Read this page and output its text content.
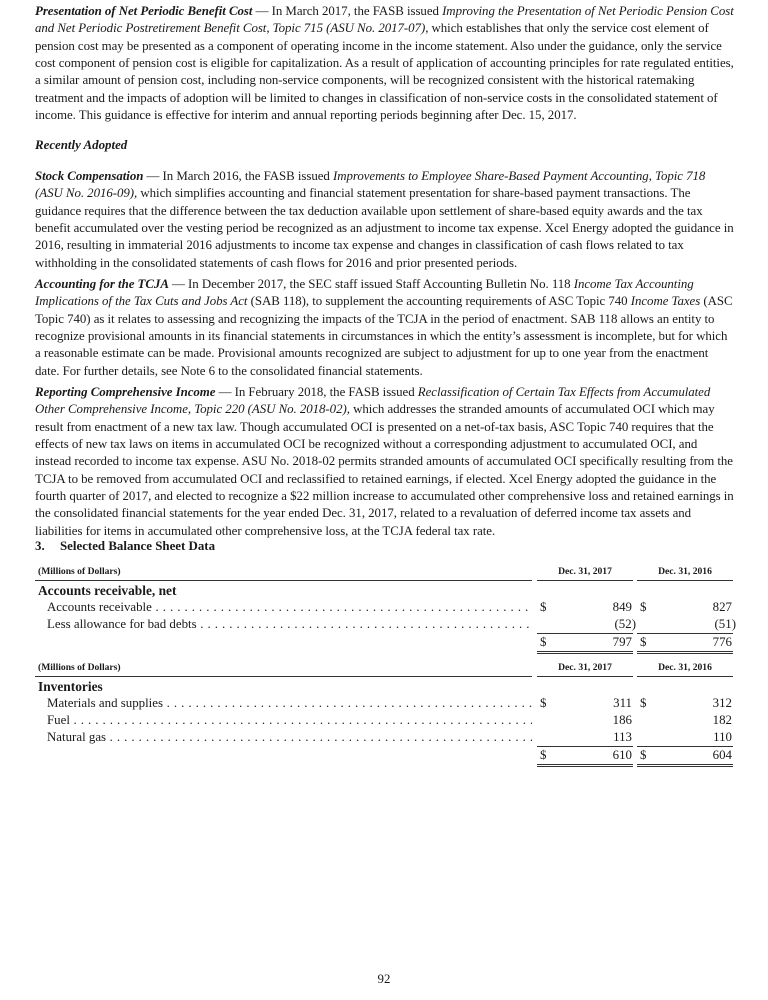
Presentation of Net Periodic Benefit Cost — In March 2017, the FASB issued Improving the Presentation of Net Periodic Pension Cost and Net Periodic Postretirement Benefit Cost, Topic 715 (ASU No. 2017-07), which establishes that only the service cost element of pension cost may be presented as a component of operating income in the income statement. Also under the guidance, only the service cost component of pension cost is eligible for capitalization. As a result of application of accounting principles for rate regulated entities, a similar amount of pension cost, including non-service components, will be recognized consistent with the historical ratemaking treatment and the impacts of adoption will be limited to changes in classification of non-service costs in the consolidated statement of income. This guidance is effective for interim and annual reporting periods beginning after Dec. 15, 2017.

Recently Adopted

Stock Compensation — In March 2016, the FASB issued Improvements to Employee Share-Based Payment Accounting, Topic 718 (ASU No. 2016-09), which simplifies accounting and financial statement presentation for share-based payment transactions. The guidance requires that the difference between the tax deduction available upon settlement of share-based equity awards and the tax benefit accumulated over the vesting period be recognized as an adjustment to income tax expense. Xcel Energy adopted the guidance in 2016, resulting in immaterial 2016 adjustments to income tax expense and changes in classification of cash flows related to tax withholding in the consolidated statements of cash flows for 2016 and prior presented periods.

Accounting for the TCJA — In December 2017, the SEC staff issued Staff Accounting Bulletin No. 118 Income Tax Accounting Implications of the Tax Cuts and Jobs Act (SAB 118), to supplement the accounting requirements of ASC Topic 740 Income Taxes (ASC Topic 740) as it relates to assessing and recognizing the impacts of the TCJA in the period of enactment. SAB 118 allows an entity to recognize provisional amounts in its financial statements in circumstances in which the entity’s assessment is incomplete, but for which a reasonable estimate can be made. Provisional amounts recognized are subject to adjustment for up to one year from the enactment date. For further details, see Note 6 to the consolidated financial statements.

Reporting Comprehensive Income — In February 2018, the FASB issued Reclassification of Certain Tax Effects from Accumulated Other Comprehensive Income, Topic 220 (ASU No. 2018-02), which addresses the stranded amounts of accumulated OCI which may result from enactment of a new tax law. Though accumulated OCI is presented on a net-of-tax basis, ASC Topic 740 requires that the effects of new tax laws on items in accumulated OCI be recognized without a corresponding adjustment to accumulated OCI, and instead recorded to income tax expense. ASU No. 2018-02 permits stranded amounts of accumulated OCI specifically resulting from the TCJA to be removed from accumulated OCI and reclassified to retained earnings, if elected. Xcel Energy adopted the guidance in the fourth quarter of 2017, and elected to recognize a $22 million increase to accumulated other comprehensive loss and retained earnings in the consolidated financial statements for the year ended Dec. 31, 2017, related to a revaluation of deferred income tax assets and liabilities for items in accumulated other comprehensive loss, at the TCJA federal tax rate.

3. Selected Balance Sheet Data

(Millions of Dollars)	Dec. 31, 2017	Dec. 31, 2016
Accounts receivable, net
Accounts receivable . . .	$	849 $	827
Less allowance for bad debts . . .	(52)	(51)
$	797 $	776
(Millions of Dollars)	Dec. 31, 2017	Dec. 31, 2016
Inventories
Materials and supplies . . .	$	311 $	312
Fuel . . .	186	182
Natural gas . . .	113	110
$	610 $	604
92
